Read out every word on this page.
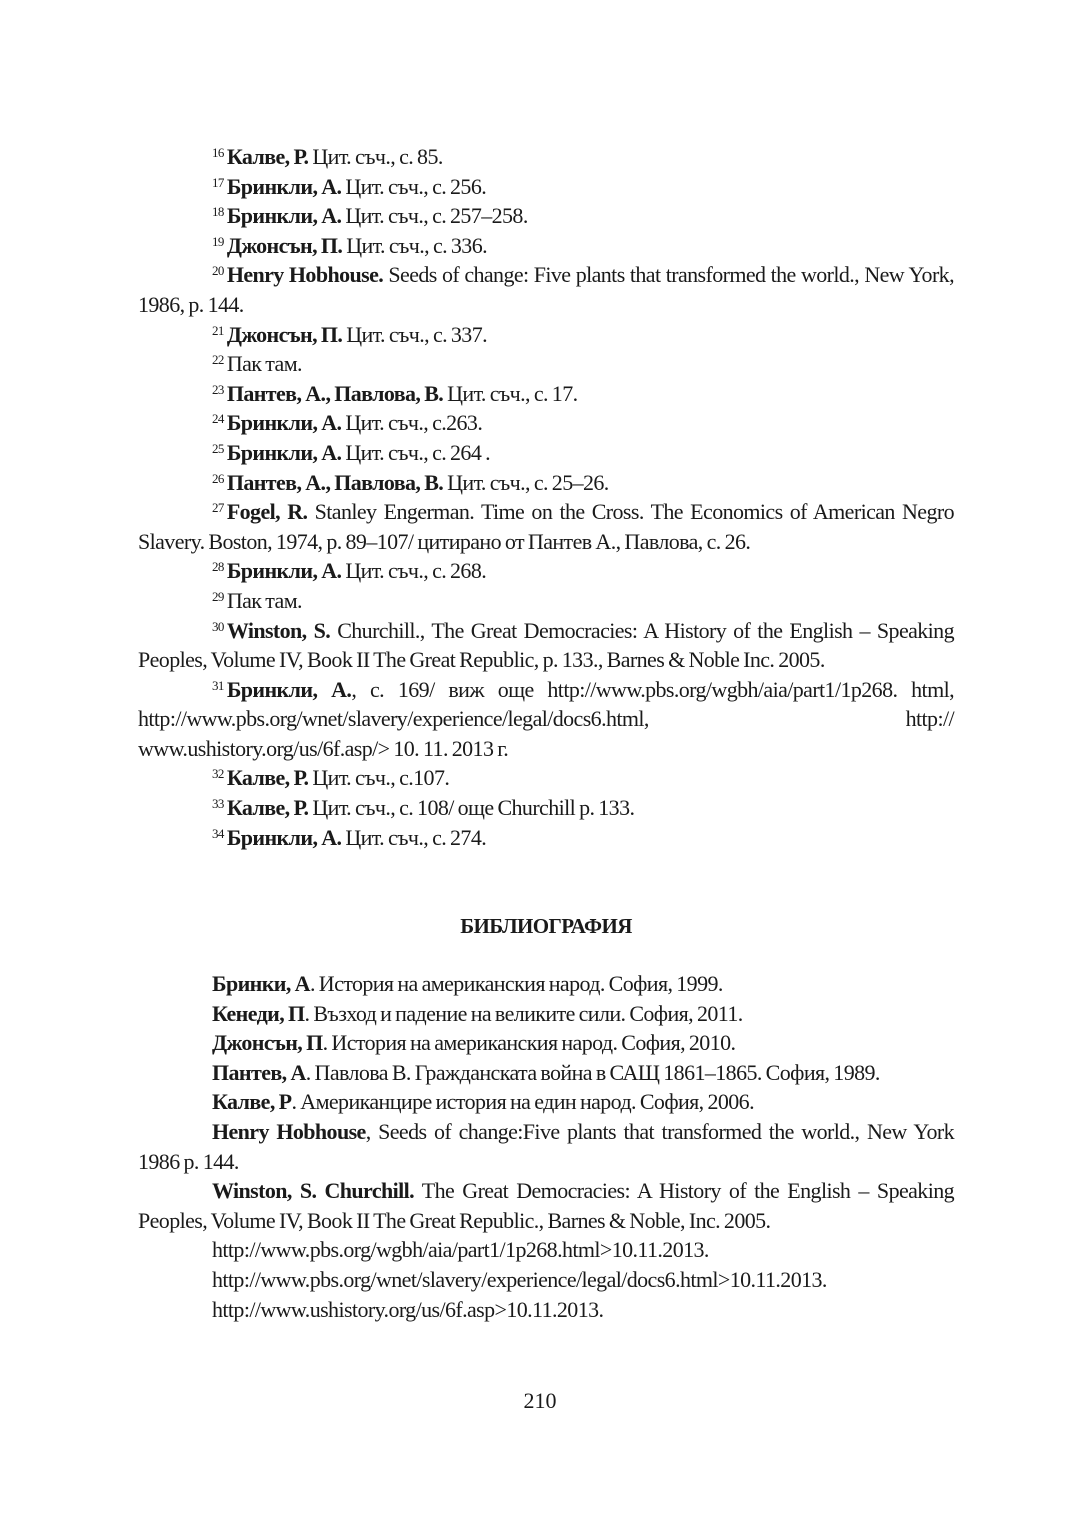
$^{16}$ Калве, Р. Цит. съч., с. 85.

$^{17}$ Бринкли, А. Цит. съч., с. 256.

$^{18}$ Бринкли, А. Цит. съч., с. 257–258.

$^{19}$ Джонсън, П. Цит. съч., с. 336.

$^{20}$ Henry Hobhouse. Seeds of change: Five plants that transformed the world., New York, 1986, p. 144.

$^{21}$ Джонсън, П. Цит. съч., с. 337.

$^{22}$ Пак там.

$^{23}$ Пантев, А., Павлова, В. Цит. съч., с. 17.

$^{24}$ Бринкли, А. Цит. съч., с.263.

$^{25}$ Бринкли, А. Цит. съч., с. 264 .

$^{26}$ Пантев, А., Павлова, В. Цит. съч., с. 25–26.

$^{27}$ Fogel, R. Stanley Engerman. Time on the Cross. The Economics of American Negro Slavery. Boston, 1974, p. 89–107/ цитирано от Пантев А., Павлова, с. 26.

$^{28}$ Бринкли, А. Цит. съч., с. 268.

$^{29}$ Пак там.

$^{30}$ Winston, S. Churchill., The Great Democracies: A History of the English – Speaking Peoples, Volume IV, Book II The Great Republic, p. 133., Barnes & Noble Inc. 2005.

$^{31}$ Бринкли, А., с. 169/ виж още http://www.pbs.org/wgbh/aia/part1/1p268. html, http://www.pbs.org/wnet/slavery/experience/legal/docs6.html, http:// www.ushistory.org/us/6f.asp/> 10. 11. 2013 г.

$^{32}$ Калве, Р. Цит. съч., с.107.

$^{33}$ Калве, Р. Цит. съч., с. 108/ още Churchill p. 133.

$^{34}$ Бринкли, А. Цит. съч., с. 274.

БИБЛИОГРАФИЯ

Бринки, А. История на американския народ. София, 1999.

Кенеди, П. Възход и падение на великите сили. София, 2011.

Джонсън, П. История на американския народ. София, 2010.

Пантев, А. Павлова В. Гражданската война в САЩ 1861–1865. София, 1989.

Калве, Р. Американцире история на един народ. София, 2006.

Henry Hobhouse, Seeds of change:Five plants that transformed the world., New York 1986 p. 144.

Winston, S. Churchill. The Great Democracies: A History of the English – Speaking Peoples, Volume IV, Book II The Great Republic., Barnes & Noble, Inc. 2005.

http://www.pbs.org/wgbh/aia/part1/1p268.html>10.11.2013.

http://www.pbs.org/wnet/slavery/experience/legal/docs6.html>10.11.2013.

http://www.ushistory.org/us/6f.asp>10.11.2013.

210
